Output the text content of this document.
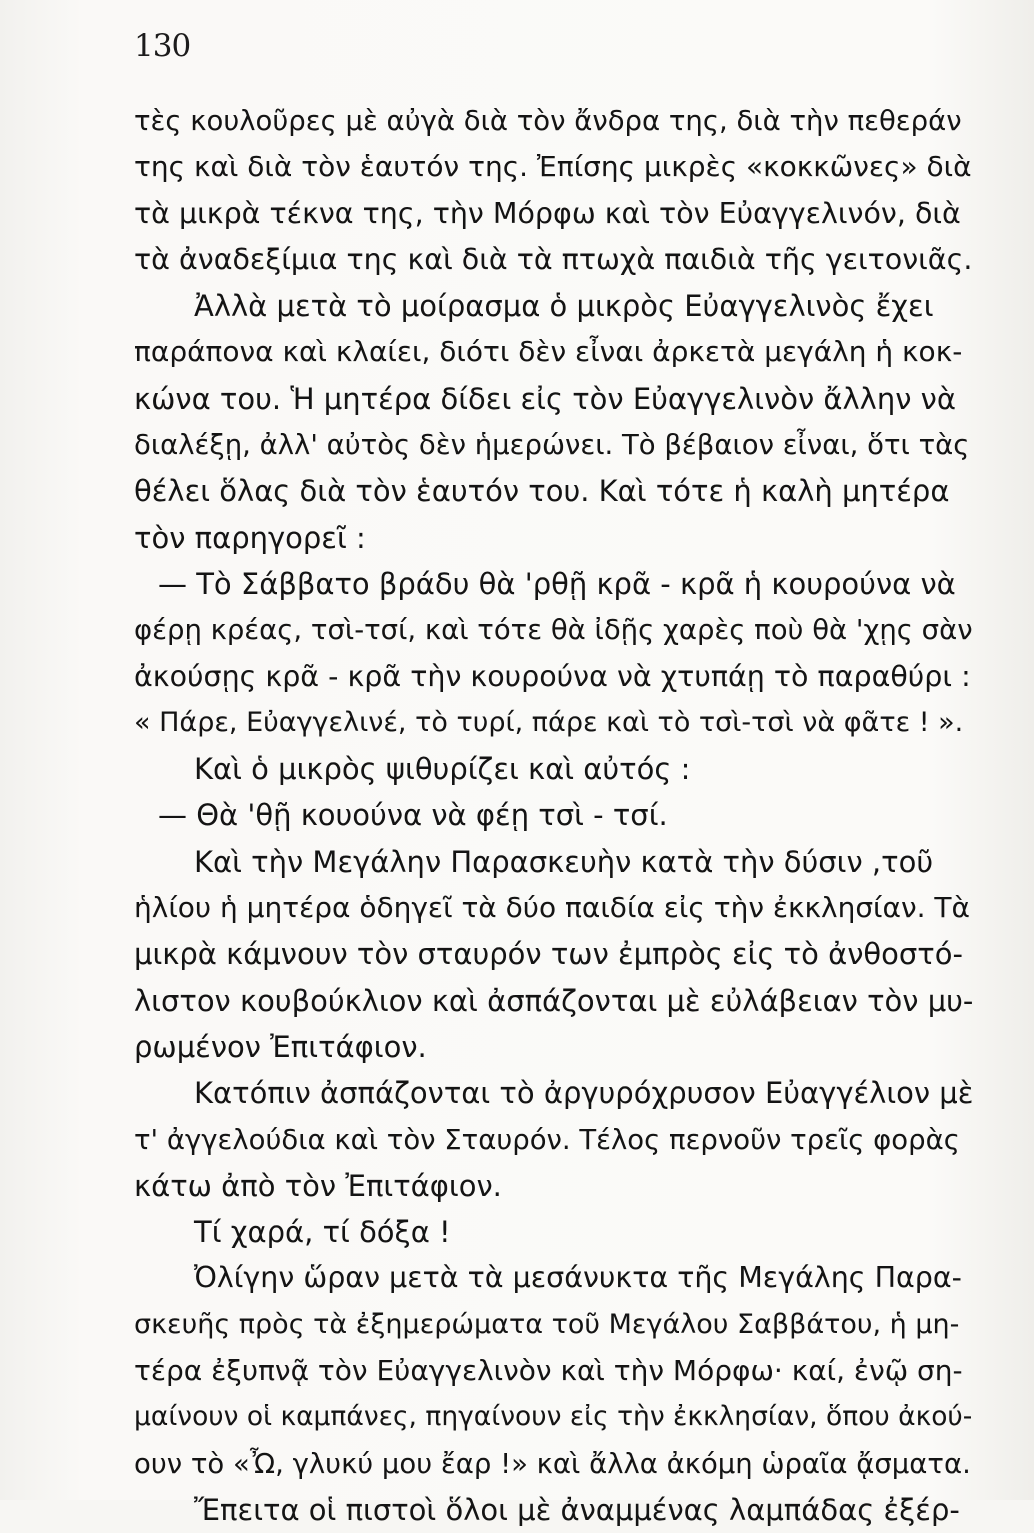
130
τὲς κουλοῦρες μὲ αὐγὰ διὰ τὸν ἄνδρα της, διὰ τὴν πεθεράν
της καὶ διὰ τὸν ἑαυτόν της. Ἐπίσης μικρὲς «κοκκῶνες» διὰ
τὰ μικρὰ τέκνα της, τὴν Μόρφω καὶ τὸν Εὐαγγελινόν, διὰ
τὰ ἀναδεξίμια της καὶ διὰ τὰ πτωχὰ παιδιὰ τῆς γειτονιᾶς.
Ἀλλὰ μετὰ τὸ μοίρασμα ὁ μικρὸς Εὐαγγελινὸς ἔχει
παράπονα καὶ κλαίει, διότι δὲν εἶναι ἀρκετὰ μεγάλη ἡ κοκ-
κώνα του. Ἡ μητέρα δίδει εἰς τὸν Εὐαγγελινὸν ἄλλην νὰ
διαλέξῃ, ἀλλ' αὐτὸς δὲν ἡμερώνει. Τὸ βέβαιον εἶναι, ὅτι τὰς
θέλει ὅλας διὰ τὸν ἑαυτόν του. Καὶ τότε ἡ καλὴ μητέρα
τὸν παρηγορεῖ :
— Τὸ Σάββατο βράδυ θὰ 'ρθῇ κρᾶ - κρᾶ ἡ κουρούνα νὰ
φέρῃ κρέας, τσὶ-τσί, καὶ τότε θὰ ἰδῇς χαρὲς ποὺ θὰ 'χῃς σὰν
ἀκούσῃς κρᾶ - κρᾶ τὴν κουρούνα νὰ χτυπάῃ τὸ παραθύρι :
« Πάρε, Εὐαγγελινέ, τὸ τυρί, πάρε καὶ τὸ τσὶ-τσὶ νὰ φᾶτε ! ».
Καὶ ὁ μικρὸς ψιθυρίζει καὶ αὐτός :
— Θὰ 'θῇ κουούνα νὰ φέῃ τσὶ - τσί.
Καὶ τὴν Μεγάλην Παρασκευὴν κατὰ τὴν δύσιν ,τοῦ
ἡλίου ἡ μητέρα ὁδηγεῖ τὰ δύο παιδία εἰς τὴν ἐκκλησίαν. Τὰ
μικρὰ κάμνουν τὸν σταυρόν των ἐμπρὸς εἰς τὸ ἀνθοστό-
λιστον κουβούκλιον καὶ ἀσπάζονται μὲ εὐλάβειαν τὸν μυ-
ρωμένον Ἐπιτάφιον.
Κατόπιν ἀσπάζονται τὸ ἀργυρόχρυσον Εὐαγγέλιον μὲ
τ' ἀγγελούδια καὶ τὸν Σταυρόν. Τέλος περνοῦν τρεῖς φορὰς
κάτω ἀπὸ τὸν Ἐπιτάφιον.
Τί χαρά, τί δόξα !
Ὀλίγην ὥραν μετὰ τὰ μεσάνυκτα τῆς Μεγάλης Παρα-
σκευῆς πρὸς τὰ ἐξημερώματα τοῦ Μεγάλου Σαββάτου, ἡ μη-
τέρα ἐξυπνᾷ τὸν Εὐαγγελινὸν καὶ τὴν Μόρφω· καί, ἐνῷ ση-
μαίνουν οἱ καμπάνες, πηγαίνουν εἰς τὴν ἐκκλησίαν, ὅπου ἀκού-
ουν τὸ «Ὦ, γλυκύ μου ἔαρ !» καὶ ἄλλα ἀκόμη ὡραῖα ᾄσματα.
Ἔπειτα οἱ πιστοὶ ὅλοι μὲ ἀναμμένας λαμπάδας ἐξέρ-
